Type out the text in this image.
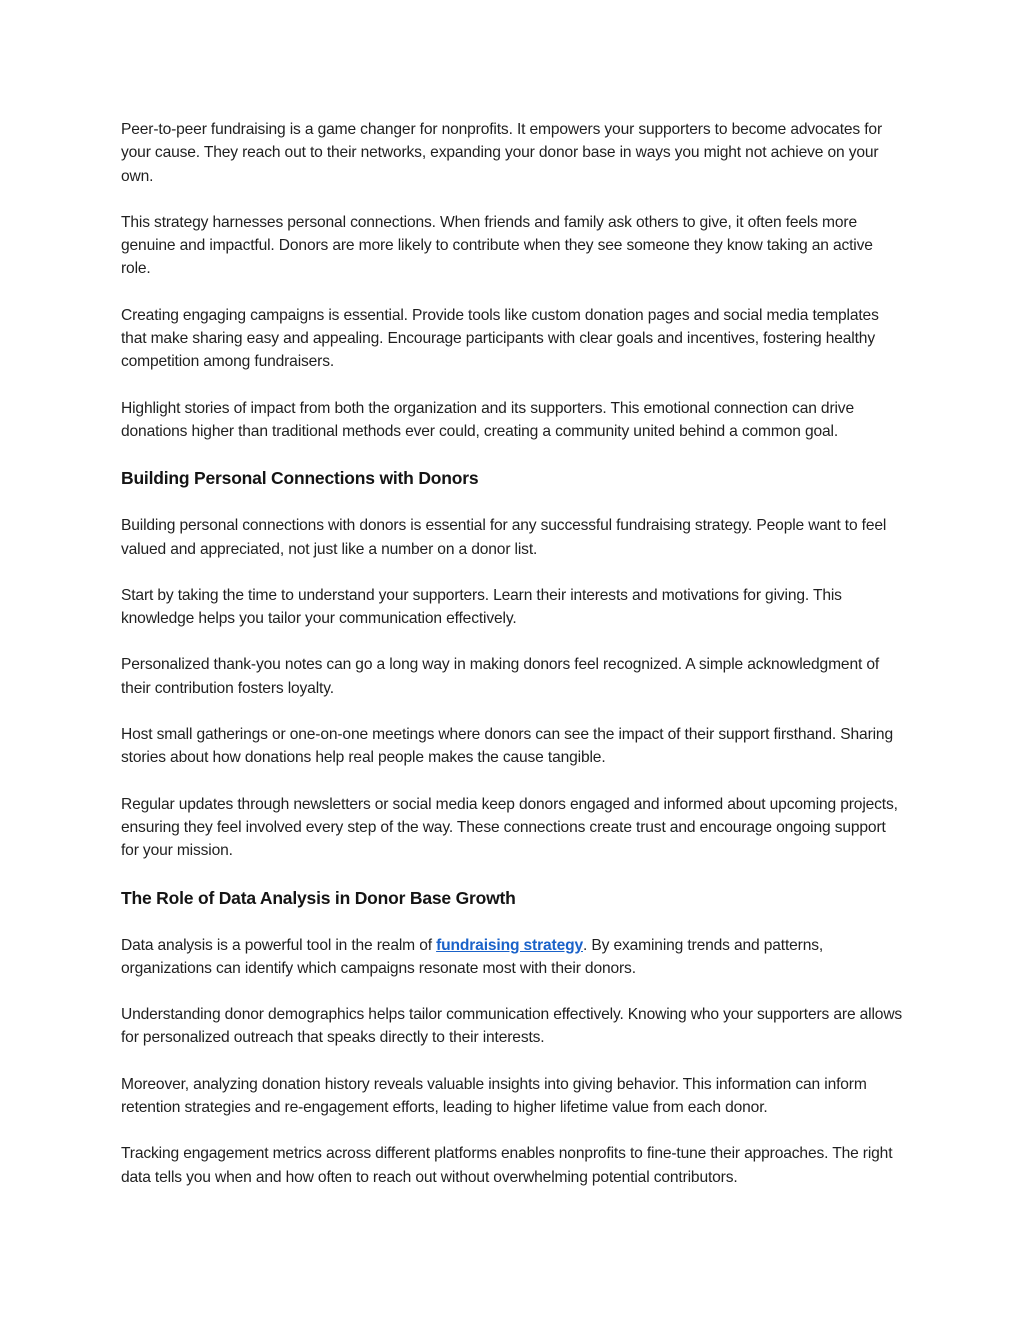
Peer-to-peer fundraising is a game changer for nonprofits. It empowers your supporters to become advocates for your cause. They reach out to their networks, expanding your donor base in ways you might not achieve on your own.

This strategy harnesses personal connections. When friends and family ask others to give, it often feels more genuine and impactful. Donors are more likely to contribute when they see someone they know taking an active role.

Creating engaging campaigns is essential. Provide tools like custom donation pages and social media templates that make sharing easy and appealing. Encourage participants with clear goals and incentives, fostering healthy competition among fundraisers.

Highlight stories of impact from both the organization and its supporters. This emotional connection can drive donations higher than traditional methods ever could, creating a community united behind a common goal.

Building Personal Connections with Donors

Building personal connections with donors is essential for any successful fundraising strategy. People want to feel valued and appreciated, not just like a number on a donor list.

Start by taking the time to understand your supporters. Learn their interests and motivations for giving. This knowledge helps you tailor your communication effectively.

Personalized thank-you notes can go a long way in making donors feel recognized. A simple acknowledgment of their contribution fosters loyalty.

Host small gatherings or one-on-one meetings where donors can see the impact of their support firsthand. Sharing stories about how donations help real people makes the cause tangible.

Regular updates through newsletters or social media keep donors engaged and informed about upcoming projects, ensuring they feel involved every step of the way. These connections create trust and encourage ongoing support for your mission.

The Role of Data Analysis in Donor Base Growth

Data analysis is a powerful tool in the realm of fundraising strategy. By examining trends and patterns, organizations can identify which campaigns resonate most with their donors.

Understanding donor demographics helps tailor communication effectively. Knowing who your supporters are allows for personalized outreach that speaks directly to their interests.

Moreover, analyzing donation history reveals valuable insights into giving behavior. This information can inform retention strategies and re-engagement efforts, leading to higher lifetime value from each donor.

Tracking engagement metrics across different platforms enables nonprofits to fine-tune their approaches. The right data tells you when and how often to reach out without overwhelming potential contributors.
